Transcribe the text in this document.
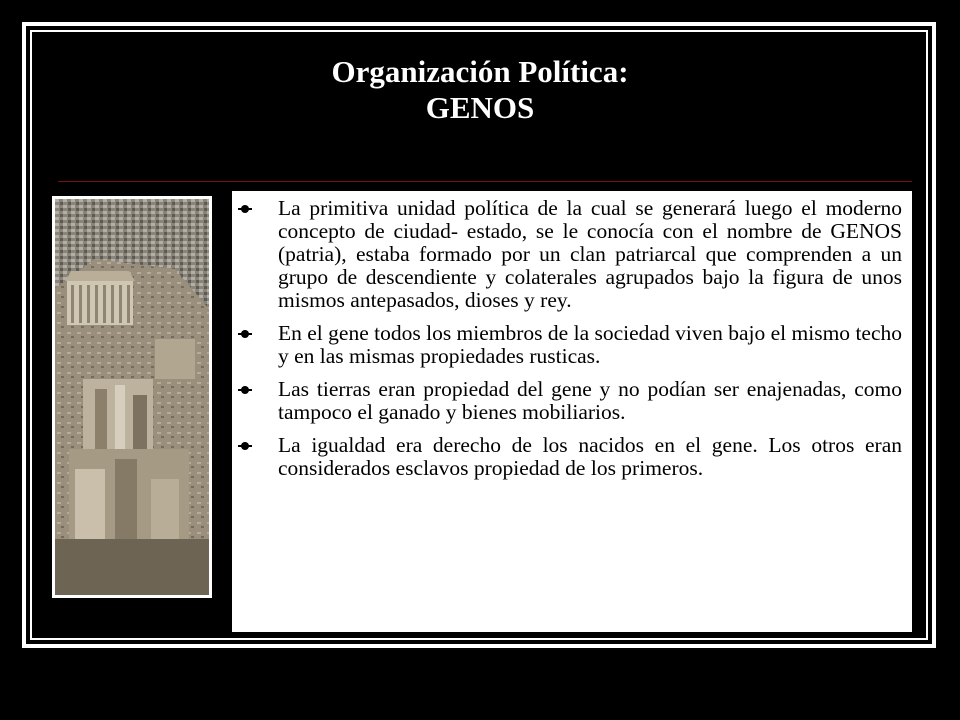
Organización Política:
GENOS
La primitiva unidad política de la cual se generará luego el moderno concepto de ciudad- estado, se le conocía con el nombre de GENOS (patria), estaba formado por un clan patriarcal que comprenden a un grupo de descendiente y colaterales agrupados bajo la figura de unos mismos antepasados, dioses y rey.
En el gene todos los miembros de la sociedad viven bajo el mismo techo y en las mismas propiedades rusticas.
Las tierras eran propiedad del gene y no podían ser enajenadas, como tampoco el ganado y bienes mobiliarios.
La igualdad era derecho de los nacidos en el gene. Los otros eran considerados esclavos propiedad de los primeros.
